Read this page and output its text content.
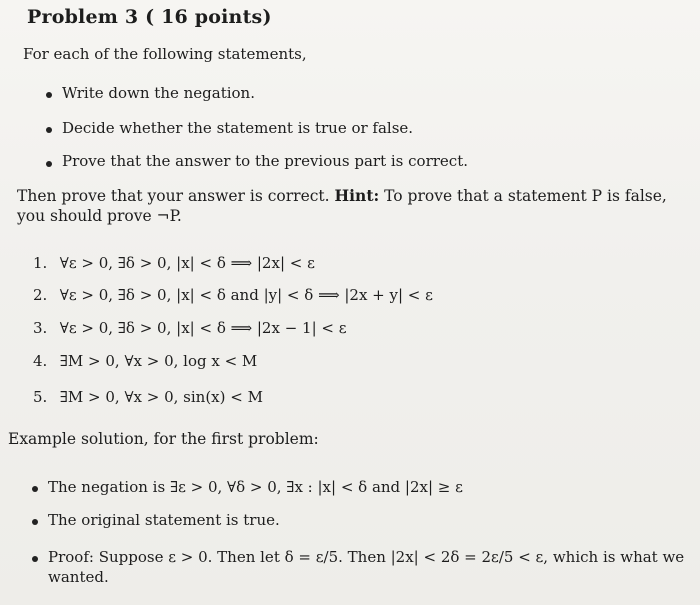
Problem 3 ( 16 points)
For each of the following statements,
Write down the negation.
Decide whether the statement is true or false.
Prove that the answer to the previous part is correct.
Then prove that your answer is correct. Hint: To prove that a statement P is false, you should prove ¬P.
1. ∀ε > 0, ∃δ > 0, |x| < δ ⟹ |2x| < ε
2. ∀ε > 0, ∃δ > 0, |x| < δ and |y| < δ ⟹ |2x + y| < ε
3. ∀ε > 0, ∃δ > 0, |x| < δ ⟹ |2x − 1| < ε
4. ∃M > 0, ∀x > 0, log x < M
5. ∃M > 0, ∀x > 0, sin(x) < M
Example solution, for the first problem:
The negation is ∃ε > 0, ∀δ > 0, ∃x : |x| < δ and |2x| ≥ ε
The original statement is true.
Proof: Suppose ε > 0. Then let δ = ε/5. Then |2x| < 2δ = 2ε/5 < ε, which is what we wanted.
